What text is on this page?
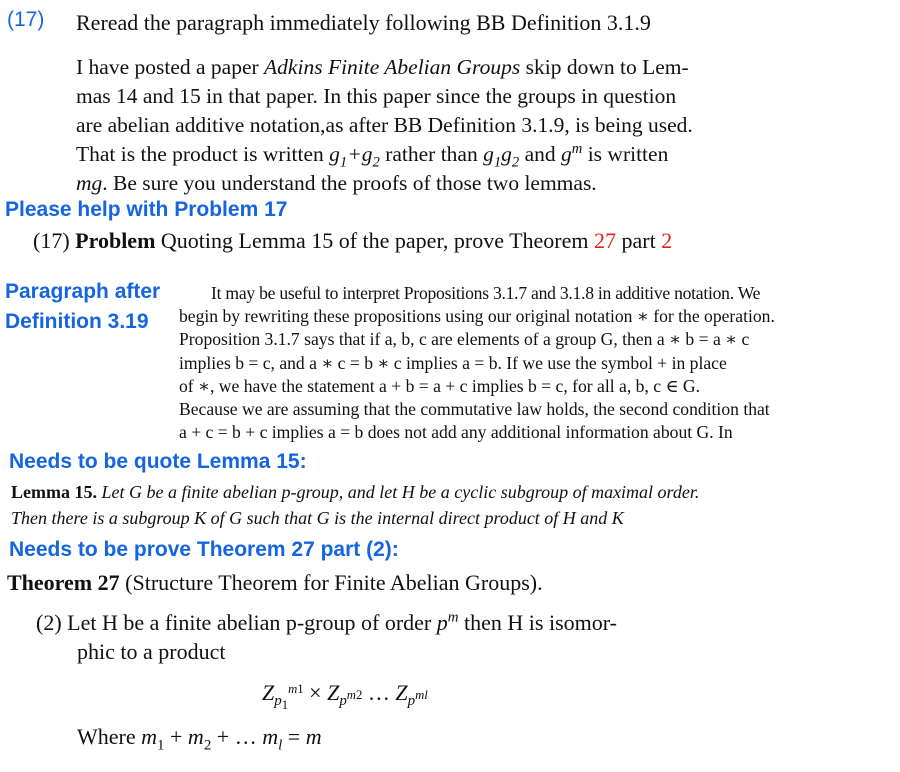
(17) Reread the paragraph immediately following BB Definition 3.1.9
I have posted a paper Adkins Finite Abelian Groups skip down to Lem-
mas 14 and 15 in that paper. In this paper since the groups in question
are abelian additive notation,as after BB Definition 3.1.9, is being used.
That is the product is written $g_1+g_2$ rather than $g_1g_2$ and $g^m$ is written
mg. Be sure you understand the proofs of those two lemmas.
Please help with Problem 17
(17) Problem Quoting Lemma 15 of the paper, prove Theorem 27 part 2
Paragraph after
Definition 3.19
It may be useful to interpret Propositions 3.1.7 and 3.1.8 in additive notation. We
begin by rewriting these propositions using our original notation ∗ for the operation.
Proposition 3.1.7 says that if a, b, c are elements of a group G, then a ∗ b = a ∗ c
implies b = c, and a ∗ c = b ∗ c implies a = b. If we use the symbol + in place
of ∗, we have the statement a + b = a + c implies b = c, for all a, b, c ∈ G.
Because we are assuming that the commutative law holds, the second condition that
a + c = b + c implies a = b does not add any additional information about G. In
Needs to be quote Lemma 15:
Lemma 15. Let G be a finite abelian p-group, and let H be a cyclic subgroup of maximal order.
Then there is a subgroup K of G such that G is the internal direct product of H and K
Needs to be prove Theorem 27 part (2):
Theorem 27 (Structure Theorem for Finite Abelian Groups).
(2) Let H be a finite abelian p-group of order $p^m$ then H is isomor-
phic to a product
$Z_{p_1^{m1}} \times Z_{p^{m2}}$ … $Z_{p^{ml}}$
Where $m_1 + m_2$ + … $m_l = m$
